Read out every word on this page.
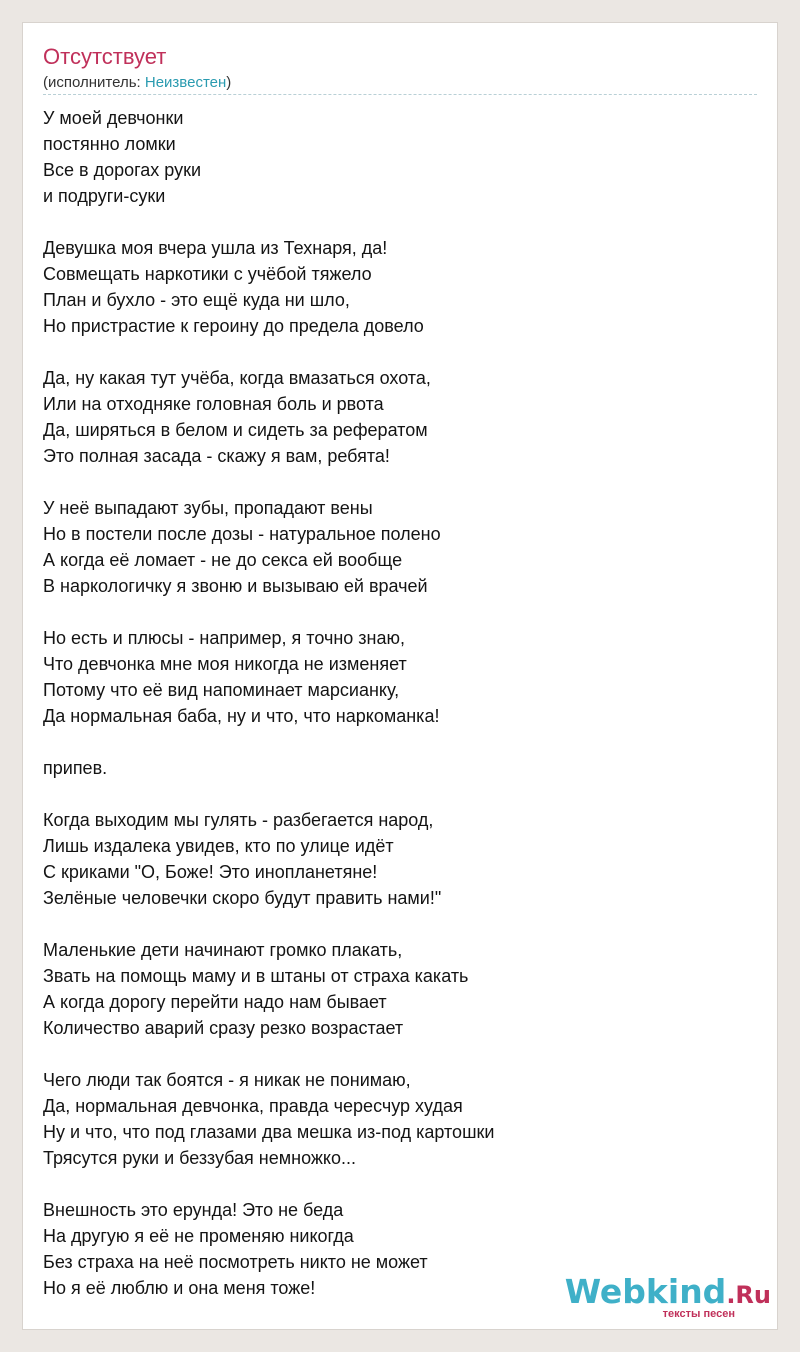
Отсутствует
(исполнитель: Неизвестен)
У моей девчонки
постянно ломки
Все в дорогах руки
и подруги-суки
Девушка моя вчера ушла из Технаря, да!
Совмещать наркотики с учёбой тяжело
План и бухло - это ещё куда ни шло,
Но пристрастие к героину до предела довело
Да, ну какая тут учёба, когда вмазаться охота,
Или на отходняке головная боль и рвота
Да, ширяться в белом и сидеть за рефератом
Это полная засада - скажу я вам, ребята!
У неё выпадают зубы, пропадают вены
Но в постели после дозы - натуральное полено
А когда её ломает - не до секса ей вообще
В наркологичку я звоню и вызываю ей врачей
Но есть и плюсы - например, я точно знаю,
Что девчонка мне моя никогда не изменяет
Потому что её вид напоминает марсианку,
Да нормальная баба, ну и что, что наркоманка!
припев.
Когда выходим мы гулять - разбегается народ,
Лишь издалека увидев, кто по улице идёт
С криками "О, Боже! Это инопланетяне!
Зелёные человечки скоро будут править нами!"
Маленькие дети начинают громко плакать,
Звать на помощь маму и в штаны от страха какать
А когда дорогу перейти надо нам бывает
Количество аварий сразу резко возрастает
Чего люди так боятся - я никак не понимаю,
Да, нормальная девчонка, правда чересчур худая
Ну и что, что под глазами два мешка из-под картошки
Трясутся руки и беззубая немножко...
Внешность это ерунда! Это не беда
На другую я её не променяю никогда
Без страха на неё посмотреть никто не может
Но я её люблю и она меня тоже!	Webkind.Ru
тексты песен
